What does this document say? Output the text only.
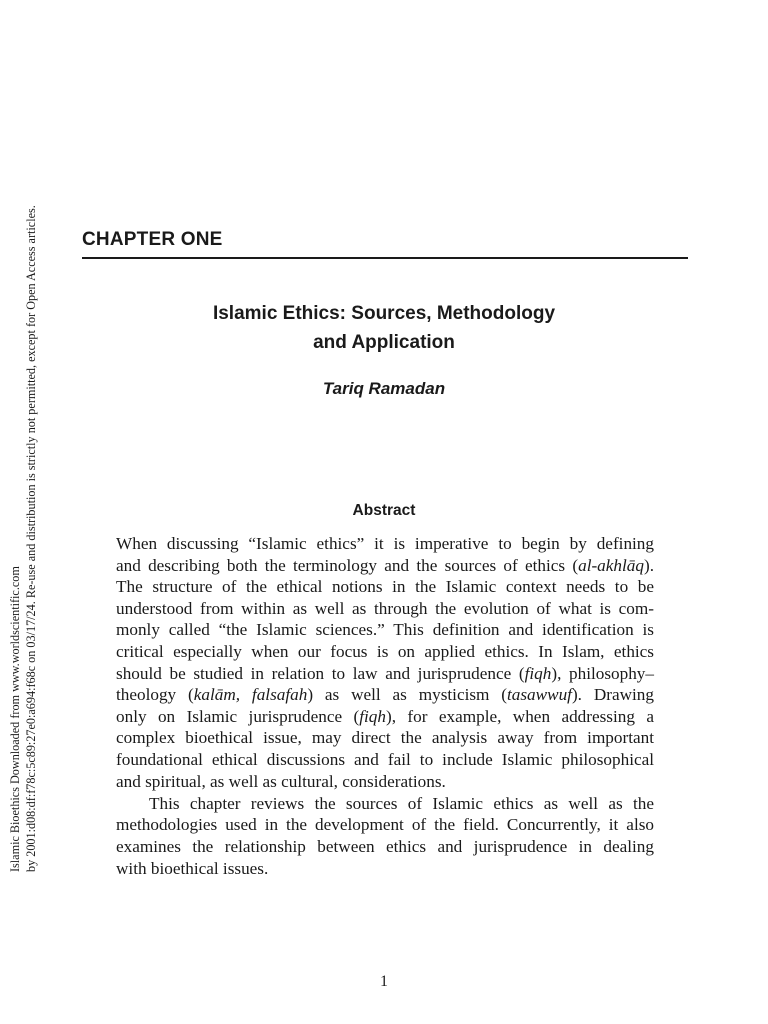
Islamic Bioethics Downloaded from www.worldscientific.com by 2001:d08:df:f78c:5c89:27e0:a694:f68c on 03/17/24. Re-use and distribution is strictly not permitted, except for Open Access articles. CHAPTER ONE
Islamic Ethics: Sources, Methodology
and Application
Tariq Ramadan
Abstract
When discussing “Islamic ethics” it is imperative to begin by defining
and describing both the terminology and the sources of ethics (al-akhlāq).
The structure of the ethical notions in the Islamic context needs to be
understood from within as well as through the evolution of what is com-
monly called “the Islamic sciences.” This definition and identification is
critical especially when our focus is on applied ethics. In Islam, ethics
should be studied in relation to law and jurisprudence (fiqh), philosophy–
theology (kalām, falsafah) as well as mysticism (tasawwuf). Drawing
only on Islamic jurisprudence (fiqh), for example, when addressing a
complex bioethical issue, may direct the analysis away from important
foundational ethical discussions and fail to include Islamic philosophical
and spiritual, as well as cultural, considerations.
This chapter reviews the sources of Islamic ethics as well as the
methodologies used in the development of the field. Concurrently, it also
examines the relationship between ethics and jurisprudence in dealing
with bioethical issues.
1
